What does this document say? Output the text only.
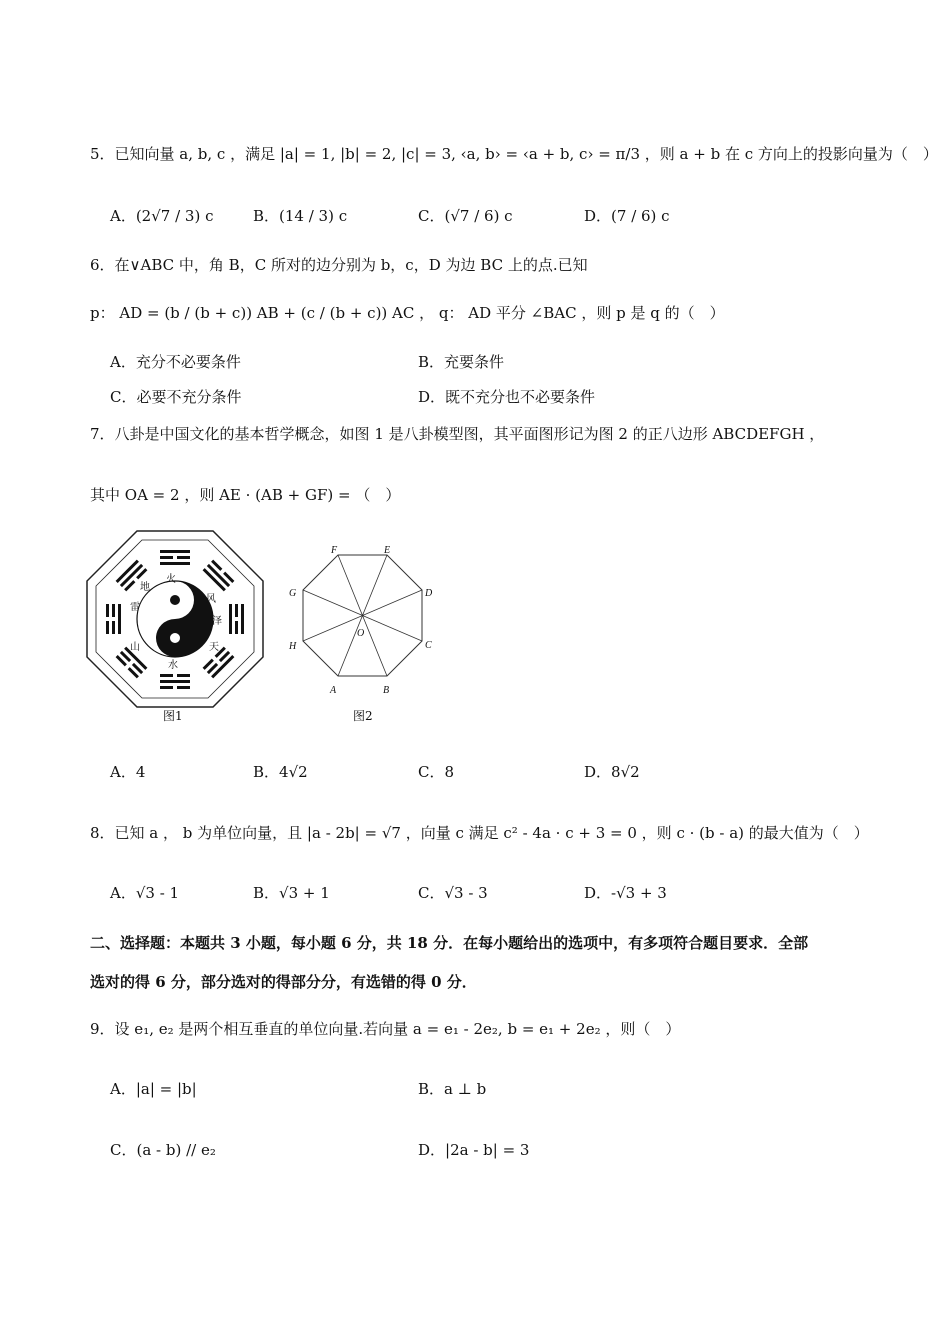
5．已知向量 a, b, c ，满足 |a| = 1, |b| = 2, |c| = 3, ‹a, b› = ‹a + b, c› = π/3 ，则 a + b 在 c 方向上的投影向量为（　）
A．(2√7 / 3) c	B．(14 / 3) c	C．(√7 / 6) c	D．(7 / 6) c
6．在∨ABC 中，角 B，C 所对的边分别为 b，c，D 为边 BC 上的点.已知
p： AD = (b / (b + c)) AB + (c / (b + c)) AC ， q： AD 平分 ∠BAC ，则 p 是 q 的（　）
A．充分不必要条件	B．充要条件
C．必要不充分条件	D．既不充分也不必要条件
7．八卦是中国文化的基本哲学概念，如图 1 是八卦模型图，其平面图形记为图 2 的正八边形 ABCDEFGH ，
其中 OA = 2 ，则 AE · (AB + GF) = （　）
火
雷
山
水
天
泽
风
地
图1
F	E
D
C
B
A
H
G
O
图2
A．4	B．4√2	C．8	D．8√2
8．已知 a ， b 为单位向量，且 |a - 2b| = √7 ，向量 c 满足 c² - 4a · c + 3 = 0 ，则 c · (b - a) 的最大值为（　）
A．√3 - 1	B．√3 + 1	C．√3 - 3	D．-√3 + 3
二、选择题：本题共 3 小题，每小题 6 分，共 18 分．在每小题给出的选项中，有多项符合题目要求．全部
选对的得 6 分，部分选对的得部分分，有选错的得 0 分．
9．设 e₁, e₂ 是两个相互垂直的单位向量.若向量 a = e₁ - 2e₂, b = e₁ + 2e₂ ，则（　）
A．|a| = |b|	B．a ⊥ b
C．(a - b) // e₂	D．|2a - b| = 3
